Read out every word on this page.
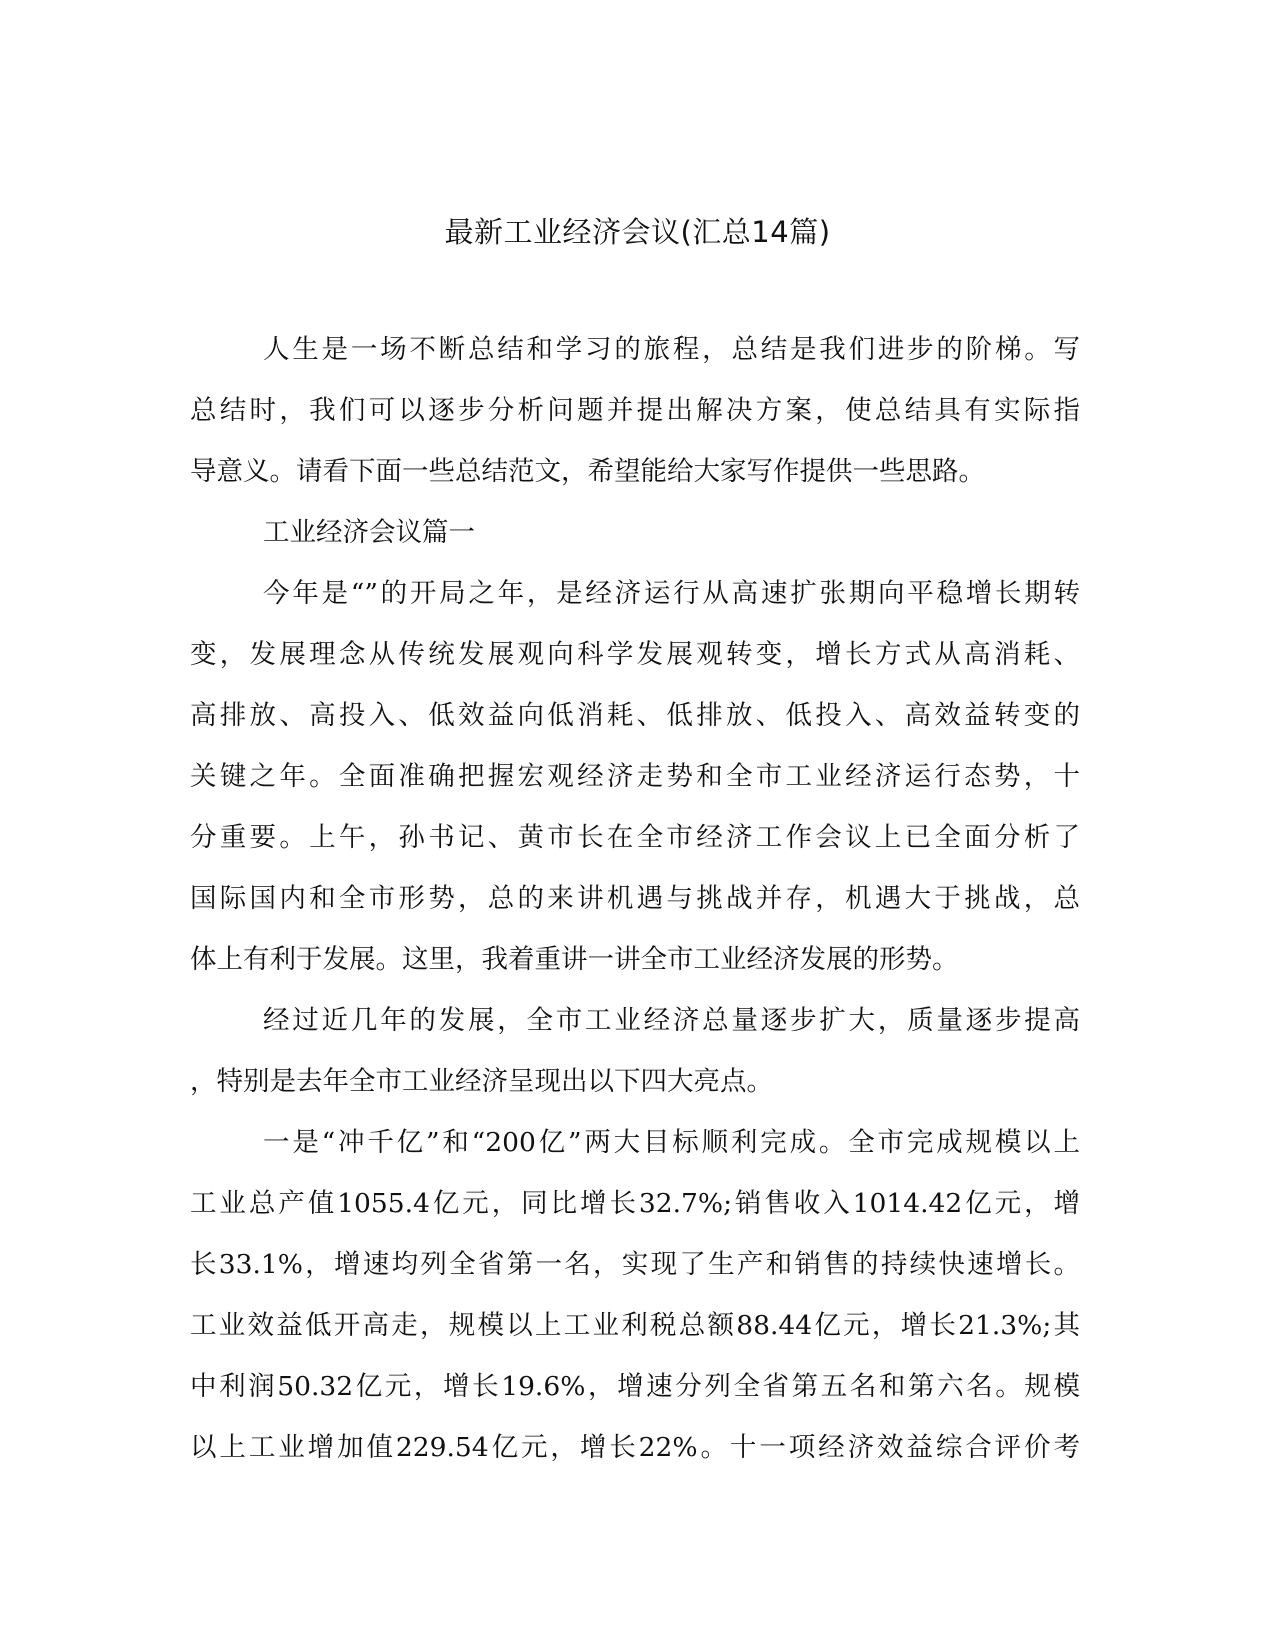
最新工业经济会议(汇总14篇)
人生是一场不断总结和学习的旅程，总结是我们进步的阶梯。写
总结时，我们可以逐步分析问题并提出解决方案，使总结具有实际指
导意义。请看下面一些总结范文，希望能给大家写作提供一些思路。
工业经济会议篇一
今年是“”的开局之年，是经济运行从高速扩张期向平稳增长期转
变，发展理念从传统发展观向科学发展观转变，增长方式从高消耗、
高排放、高投入、低效益向低消耗、低排放、低投入、高效益转变的
关键之年。全面准确把握宏观经济走势和全市工业经济运行态势，十
分重要。上午，孙书记、黄市长在全市经济工作会议上已全面分析了
国际国内和全市形势，总的来讲机遇与挑战并存，机遇大于挑战，总
体上有利于发展。这里，我着重讲一讲全市工业经济发展的形势。
经过近几年的发展，全市工业经济总量逐步扩大，质量逐步提高
，特别是去年全市工业经济呈现出以下四大亮点。
一是“冲千亿”和“200亿”两大目标顺利完成。全市完成规模以上
工业总产值1055.4亿元，同比增长32.7%;销售收入1014.42亿元，增
长33.1%，增速均列全省第一名，实现了生产和销售的持续快速增长。
工业效益低开高走，规模以上工业利税总额88.44亿元，增长21.3%;其
中利润50.32亿元，增长19.6%，增速分列全省第五名和第六名。规模
以上工业增加值229.54亿元，增长22%。十一项经济效益综合评价考
